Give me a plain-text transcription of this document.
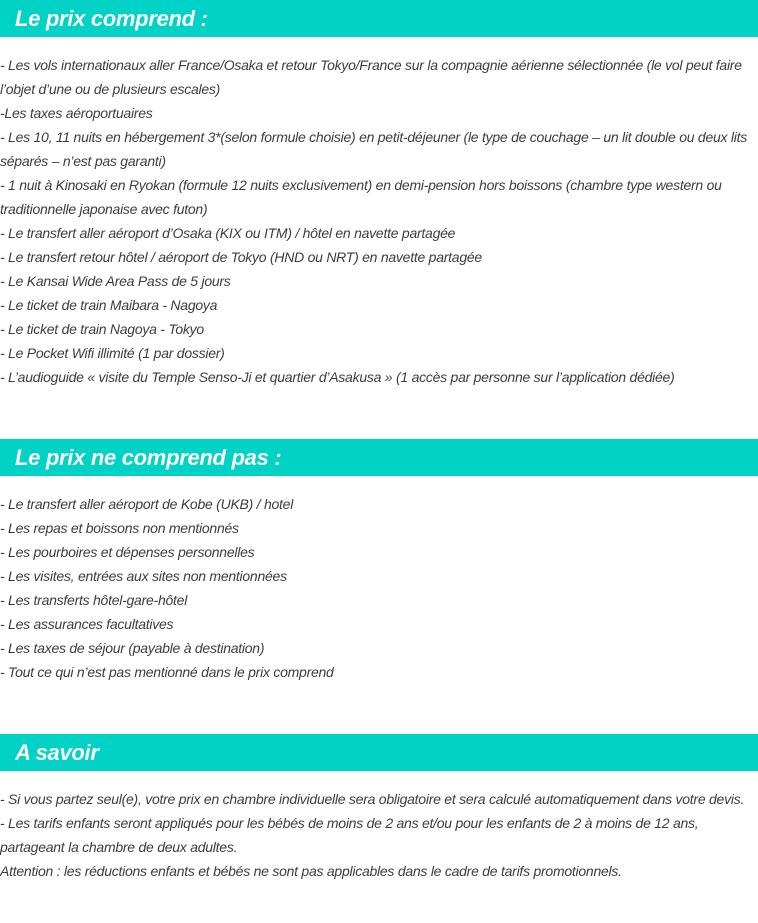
Le prix comprend :
- Les vols internationaux aller France/Osaka et retour Tokyo/France sur la compagnie aérienne sélectionnée (le vol peut faire l’objet d’une ou de plusieurs escales)
-Les taxes aéroportuaires
- Les 10, 11 nuits en hébergement 3*(selon formule choisie) en petit-déjeuner (le type de couchage – un lit double ou deux lits séparés – n’est pas garanti)
- 1 nuit à Kinosaki en Ryokan (formule 12 nuits exclusivement) en demi-pension hors boissons (chambre type western ou traditionnelle japonaise avec futon)
- Le transfert aller aéroport d’Osaka (KIX ou ITM) / hôtel en navette partagée
- Le transfert retour hôtel / aéroport de Tokyo (HND ou NRT) en navette partagée
- Le Kansai Wide Area Pass de 5 jours
- Le ticket de train Maibara - Nagoya
- Le ticket de train Nagoya - Tokyo
- Le Pocket Wifi illimité (1 par dossier)
- L’audioguide « visite du Temple Senso-Ji et quartier d’Asakusa » (1 accès par personne sur l’application dédiée)
Le prix ne comprend pas :
- Le transfert aller aéroport de Kobe (UKB) / hotel
- Les repas et boissons non mentionnés
- Les pourboires et dépenses personnelles
- Les visites, entrées aux sites non mentionnées
- Les transferts hôtel-gare-hôtel
- Les assurances facultatives
- Les taxes de séjour (payable à destination)
- Tout ce qui n’est pas mentionné dans le prix comprend
A savoir
- Si vous partez seul(e), votre prix en chambre individuelle sera obligatoire et sera calculé automatiquement dans votre devis.
- Les tarifs enfants seront appliqués pour les bébés de moins de 2 ans et/ou pour les enfants de 2 à moins de 12 ans, partageant la chambre de deux adultes.
Attention : les réductions enfants et bébés ne sont pas applicables dans le cadre de tarifs promotionnels.
